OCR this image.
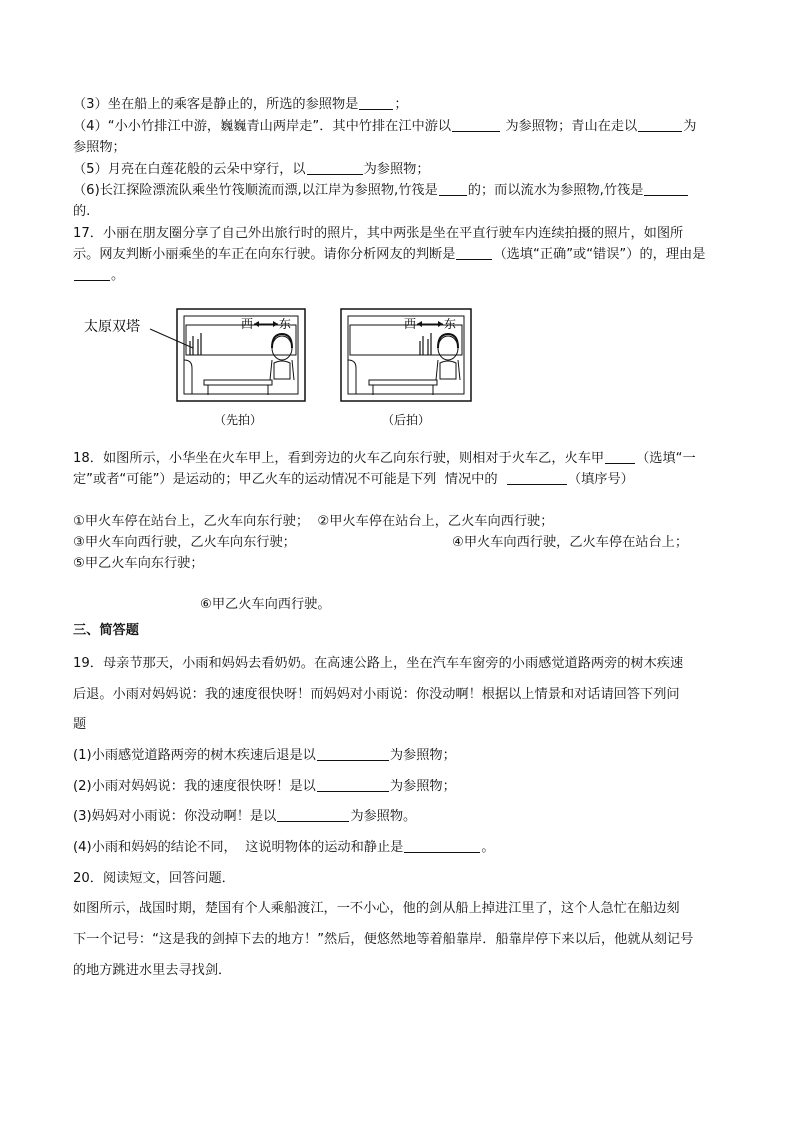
（3）坐在船上的乘客是静止的，所选的参照物是	；
（4）“小小竹排江中游，巍巍青山两岸走”．其中竹排在江中游以	为参照物；青山在走以	为
参照物；
（5）月亮在白莲花般的云朵中穿行，以	为参照物；
（6)长江探险漂流队乘坐竹筏顺流而漂,以江岸为参照物,竹筏是 的；而以流水为参照物,竹筏是
的.
17．小丽在朋友圈分享了自己外出旅行时的照片，其中两张是坐在平直行驶车内连续拍摄的照片，如图所
示。网友判断小丽乘坐的车正在向东行驶。请你分析网友的判断是	（选填“正确”或“错误”）的，理由是
。
太原双塔	西 东
（先拍）
西 东
（后拍）
18．如图所示，小华坐在火车甲上，看到旁边的火车乙向东行驶，则相对于火车乙，火车甲 （选填“一
定”或者“可能”）是运动的；甲乙火车的运动情况不可能是下列  情况中的	（填序号）
①甲火车停在站台上，乙火车向东行驶； ②甲火车停在站台上，乙火车向西行驶；
③甲火车向西行驶，乙火车向东行驶；	④甲火车向西行驶，乙火车停在站台上；
⑤甲乙火车向东行驶；
⑥甲乙火车向西行驶。
三、简答题
19．母亲节那天，小雨和妈妈去看奶奶。在高速公路上，坐在汽车车窗旁的小雨感觉道路两旁的树木疾速
后退。小雨对妈妈说：我的速度很快呀！而妈妈对小雨说：你没动啊！根据以上情景和对话请回答下列问
题
(1)小雨感觉道路两旁的树木疾速后退是以	为参照物；
(2)小雨对妈妈说：我的速度很快呀！是以	为参照物；
(3)妈妈对小雨说：你没动啊！是以	为参照物。
(4)小雨和妈妈的结论不同，  这说明物体的运动和静止是	。
20．阅读短文，回答问题．
如图所示，战国时期，楚国有个人乘船渡江，一不小心，他的剑从船上掉进江里了，这个人急忙在船边刻
下一个记号：“这是我的剑掉下去的地方！”然后，便悠然地等着船靠岸．船靠岸停下来以后，他就从刻记号
的地方跳进水里去寻找剑．
